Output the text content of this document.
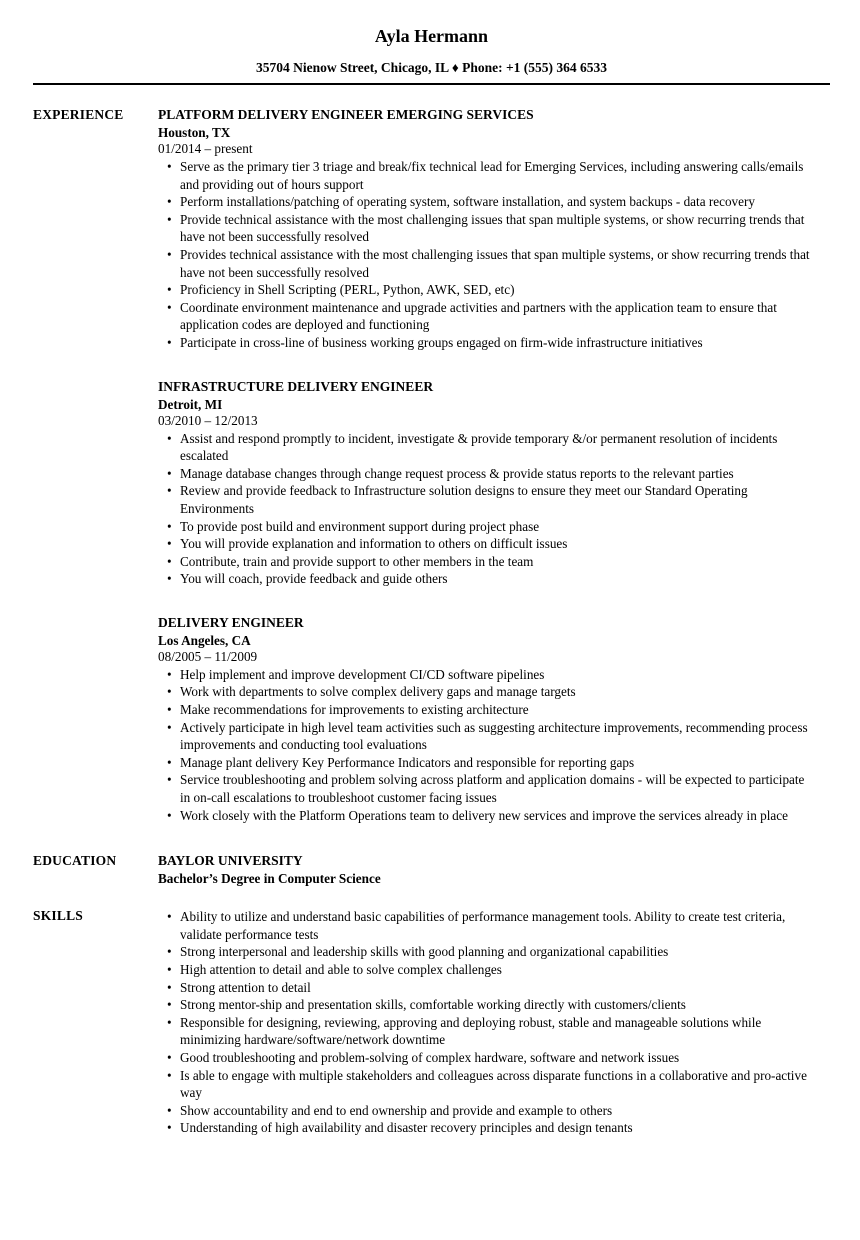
Ayla Hermann
35704 Nienow Street, Chicago, IL ♦ Phone: +1 (555) 364 6533
EXPERIENCE	PLATFORM DELIVERY ENGINEER EMERGING SERVICES
Houston, TX
01/2014 – present
• Serve as the primary tier 3 triage and break/fix technical lead for Emerging Services, including answering calls/emails and providing out of hours support
• Perform installations/patching of operating system, software installation, and system backups - data recovery
• Provide technical assistance with the most challenging issues that span multiple systems, or show recurring trends that have not been successfully resolved
• Provides technical assistance with the most challenging issues that span multiple systems, or show recurring trends that have not been successfully resolved
• Proficiency in Shell Scripting (PERL, Python, AWK, SED, etc)
• Coordinate environment maintenance and upgrade activities and partners with the application team to ensure that application codes are deployed and functioning
• Participate in cross-line of business working groups engaged on firm-wide infrastructure initiatives
INFRASTRUCTURE DELIVERY ENGINEER
Detroit, MI
03/2010 – 12/2013
• Assist and respond promptly to incident, investigate & provide temporary &/or permanent resolution of incidents escalated
• Manage database changes through change request process & provide status reports to the relevant parties
• Review and provide feedback to Infrastructure solution designs to ensure they meet our Standard Operating Environments
• To provide post build and environment support during project phase
• You will provide explanation and information to others on difficult issues
• Contribute, train and provide support to other members in the team
• You will coach, provide feedback and guide others
DELIVERY ENGINEER
Los Angeles, CA
08/2005 – 11/2009
• Help implement and improve development CI/CD software pipelines
• Work with departments to solve complex delivery gaps and manage targets
• Make recommendations for improvements to existing architecture
• Actively participate in high level team activities such as suggesting architecture improvements, recommending process improvements and conducting tool evaluations
• Manage plant delivery Key Performance Indicators and responsible for reporting gaps
• Service troubleshooting and problem solving across platform and application domains - will be expected to participate in on-call escalations to troubleshoot customer facing issues
• Work closely with the Platform Operations team to delivery new services and improve the services already in place
EDUCATION	BAYLOR UNIVERSITY
Bachelor’s Degree in Computer Science
SKILLS	• Ability to utilize and understand basic capabilities of performance management tools. Ability to create test criteria, validate performance tests
• Strong interpersonal and leadership skills with good planning and organizational capabilities
• High attention to detail and able to solve complex challenges
• Strong attention to detail
• Strong mentor-ship and presentation skills, comfortable working directly with customers/clients
• Responsible for designing, reviewing, approving and deploying robust, stable and manageable solutions while minimizing hardware/software/network downtime
• Good troubleshooting and problem-solving of complex hardware, software and network issues
• Is able to engage with multiple stakeholders and colleagues across disparate functions in a collaborative and pro-active way
• Show accountability and end to end ownership and provide and example to others
• Understanding of high availability and disaster recovery principles and design tenants
